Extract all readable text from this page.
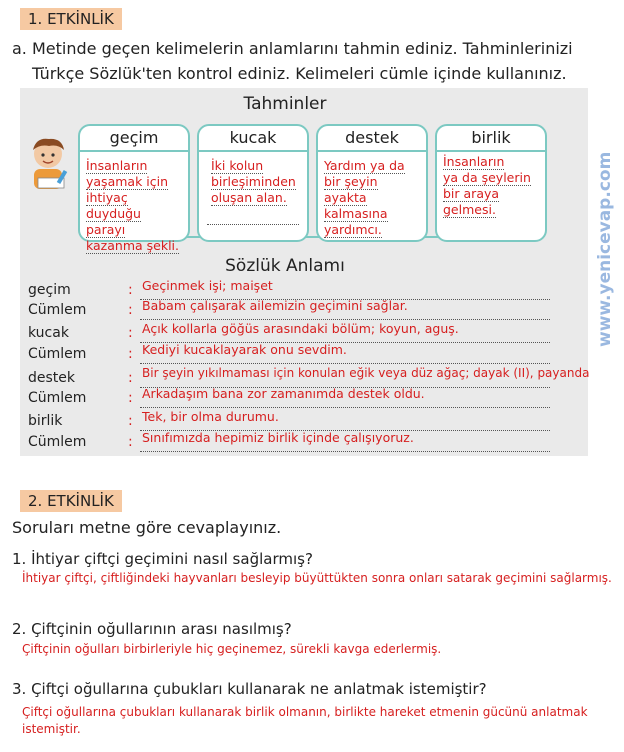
1. ETKİNLİK
a. Metinde geçen kelimelerin anlamlarını tahmin ediniz. Tahminlerinizi
Türkçe Sözlük'ten kontrol ediniz. Kelimeleri cümle içinde kullanınız.
Tahminler
geçim
İnsanların
yaşamak için
ihtiyaç duyduğu
parayı
kazanma şekli.
kucak
İki kolun
birleşiminden
oluşan alan.
destek
Yardım ya da
bir şeyin ayakta
kalmasına
yardımcı.
birlik
İnsanların
ya da şeylerin
bir araya
gelmesi.
Sözlük Anlamı
geçim	: Geçinmek işi; maişet
Cümlem	: Babam çalışarak ailemizin geçimini sağlar.
kucak	: Açık kollarla göğüs arasındaki bölüm; koyun, aguş.
Cümlem	: Kediyi kucaklayarak onu sevdim.
destek	: Bir şeyin yıkılmaması için konulan eğik veya düz ağaç; dayak (II), payanda
Cümlem	: Arkadaşım bana zor zamanımda destek oldu.
birlik	: Tek, bir olma durumu.
Cümlem	: Sınıfımızda hepimiz birlik içinde çalışıyoruz.
www.yenicevap.com
2. ETKİNLİK
Soruları metne göre cevaplayınız.
1. İhtiyar çiftçi geçimini nasıl sağlarmış?
İhtiyar çiftçi, çiftliğindeki hayvanları besleyip büyüttükten sonra onları satarak geçimini sağlarmış.
2. Çiftçinin oğullarının arası nasılmış?
Çiftçinin oğulları birbirleriyle hiç geçinemez, sürekli kavga ederlermiş.
3. Çiftçi oğullarına çubukları kullanarak ne anlatmak istemiştir?
Çiftçi oğullarına çubukları kullanarak birlik olmanın, birlikte hareket etmenin gücünü anlatmak istemiştir.
